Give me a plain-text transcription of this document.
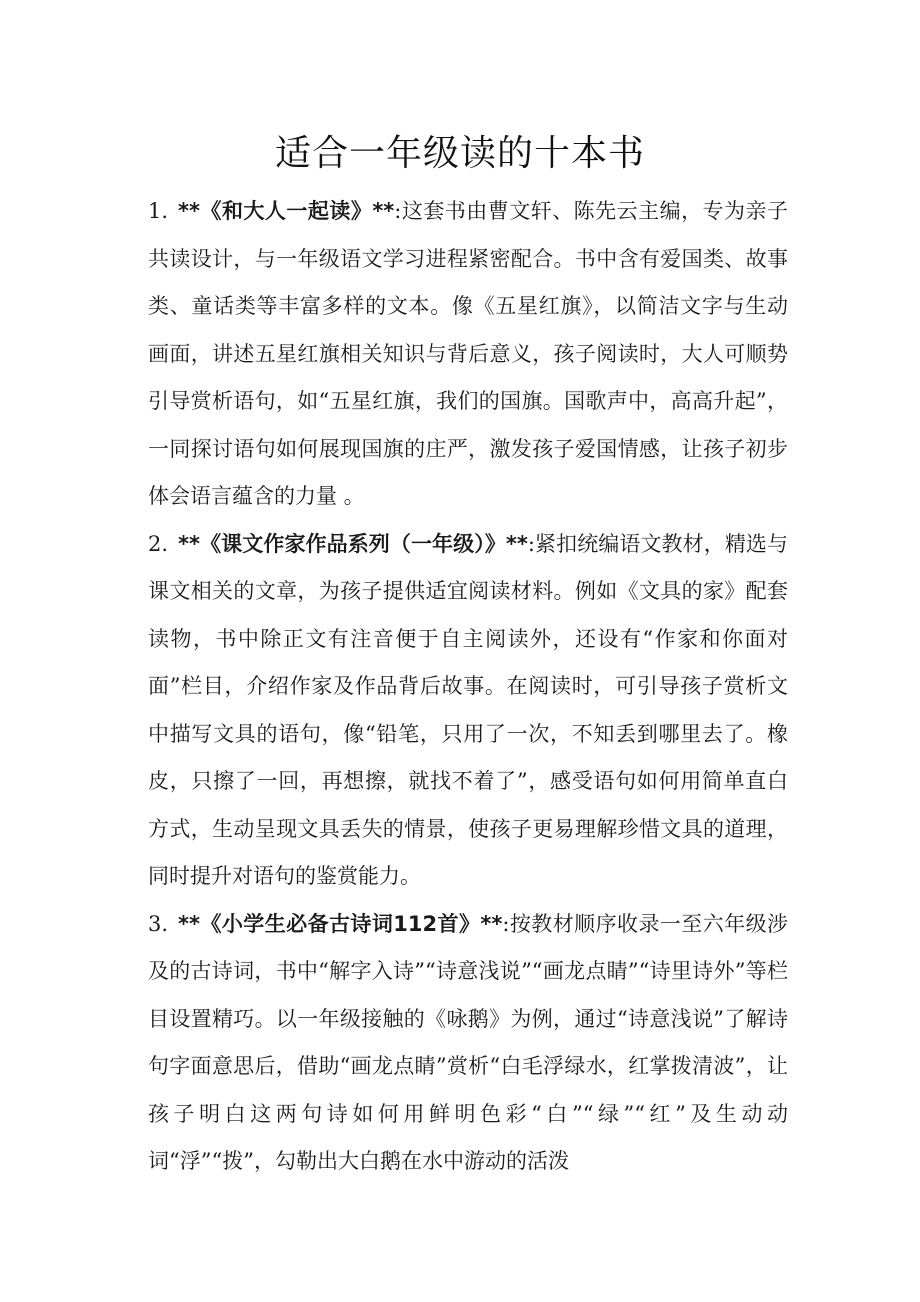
适合一年级读的十本书

1. **《和大人一起读》**:这套书由曹文轩、陈先云主编，专为亲子共读设计，与一年级语文学习进程紧密配合。书中含有爱国类、故事类、童话类等丰富多样的文本。像《五星红旗》，以简洁文字与生动画面，讲述五星红旗相关知识与背后意义，孩子阅读时，大人可顺势引导赏析语句，如“五星红旗，我们的国旗。国歌声中，高高升起”，一同探讨语句如何展现国旗的庄严，激发孩子爱国情感，让孩子初步体会语言蕴含的力量 。

2. **《课文作家作品系列（一年级）》**:紧扣统编语文教材，精选与课文相关的文章，为孩子提供适宜阅读材料。例如《文具的家》配套读物，书中除正文有注音便于自主阅读外，还设有“作家和你面对面”栏目，介绍作家及作品背后故事。在阅读时，可引导孩子赏析文中描写文具的语句，像“铅笔，只用了一次，不知丢到哪里去了。橡皮，只擦了一回，再想擦，就找不着了”，感受语句如何用简单直白方式，生动呈现文具丢失的情景，使孩子更易理解珍惜文具的道理，同时提升对语句的鉴赏能力。

3. **《小学生必备古诗词112首》**:按教材顺序收录一至六年级涉及的古诗词，书中“解字入诗”“诗意浅说”“画龙点睛”“诗里诗外”等栏目设置精巧。以一年级接触的《咏鹅》为例，通过“诗意浅说”了解诗句字面意思后，借助“画龙点睛”赏析“白毛浮绿水，红掌拨清波”，让孩子明白这两句诗如何用鲜明色彩“白”“绿”“红”及生动动词“浮”“拨”，勾勒出大白鹅在水中游动的活泼
